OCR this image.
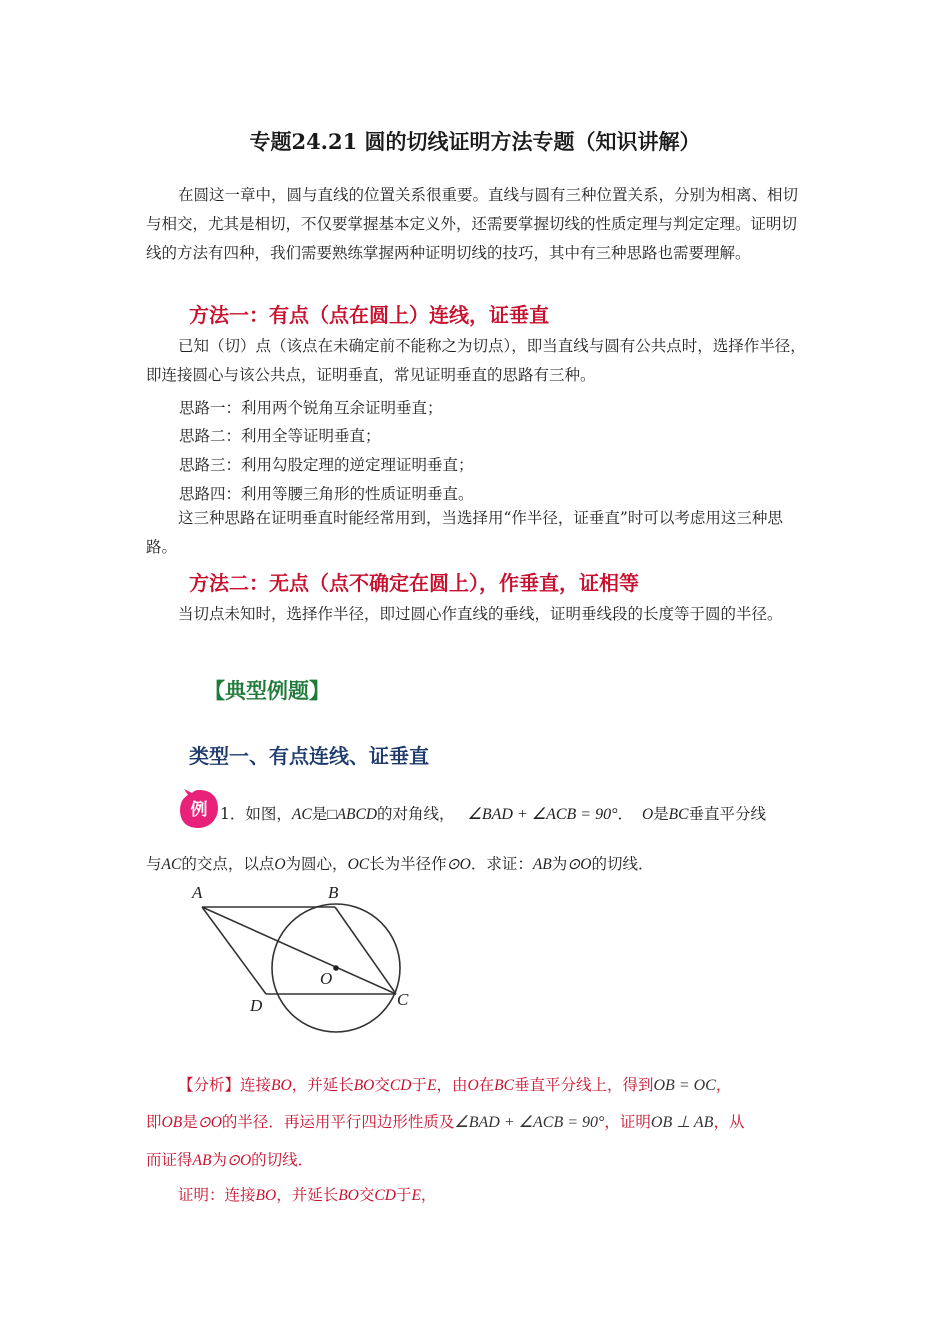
专题24.21 圆的切线证明方法专题（知识讲解）

在圆这一章中，圆与直线的位置关系很重要。直线与圆有三种位置关系，分别为相离、相切与相交，尤其是相切，不仅要掌握基本定义外，还需要掌握切线的性质定理与判定定理。证明切线的方法有四种，我们需要熟练掌握两种证明切线的技巧，其中有三种思路也需要理解。

方法一：有点（点在圆上）连线，证垂直

已知（切）点（该点在未确定前不能称之为切点），即当直线与圆有公共点时，选择作半径，即连接圆心与该公共点，证明垂直，常见证明垂直的思路有三种。

思路一：利用两个锐角互余证明垂直；
思路二：利用全等证明垂直；
思路三：利用勾股定理的逆定理证明垂直；
思路四：利用等腰三角形的性质证明垂直。

这三种思路在证明垂直时能经常用到，当选择用“作半径，证垂直”时可以考虑用这三种思路。

方法二：无点（点不确定在圆上），作垂直，证相等

当切点未知时，选择作半径，即过圆心作直线的垂线，证明垂线段的长度等于圆的半径。

【典型例题】
类型一、有点连线、证垂直
例 1．如图，AC是□ABCD的对角线， ∠BAD + ∠ACB = 90°． O是BC垂直平分线
与AC的交点，以点O为圆心，OC长为半径作⊙O．求证：AB为⊙O的切线．
A	B
O
C
D
【分析】连接BO，并延长BO交CD于E，由O在BC垂直平分线上，得到OB = OC，
即OB是⊙O的半径．再运用平行四边形性质及∠BAD + ∠ACB = 90°，证明OB ⊥ AB，从
而证得AB为⊙O的切线．
证明：连接BO，并延长BO交CD于E，
